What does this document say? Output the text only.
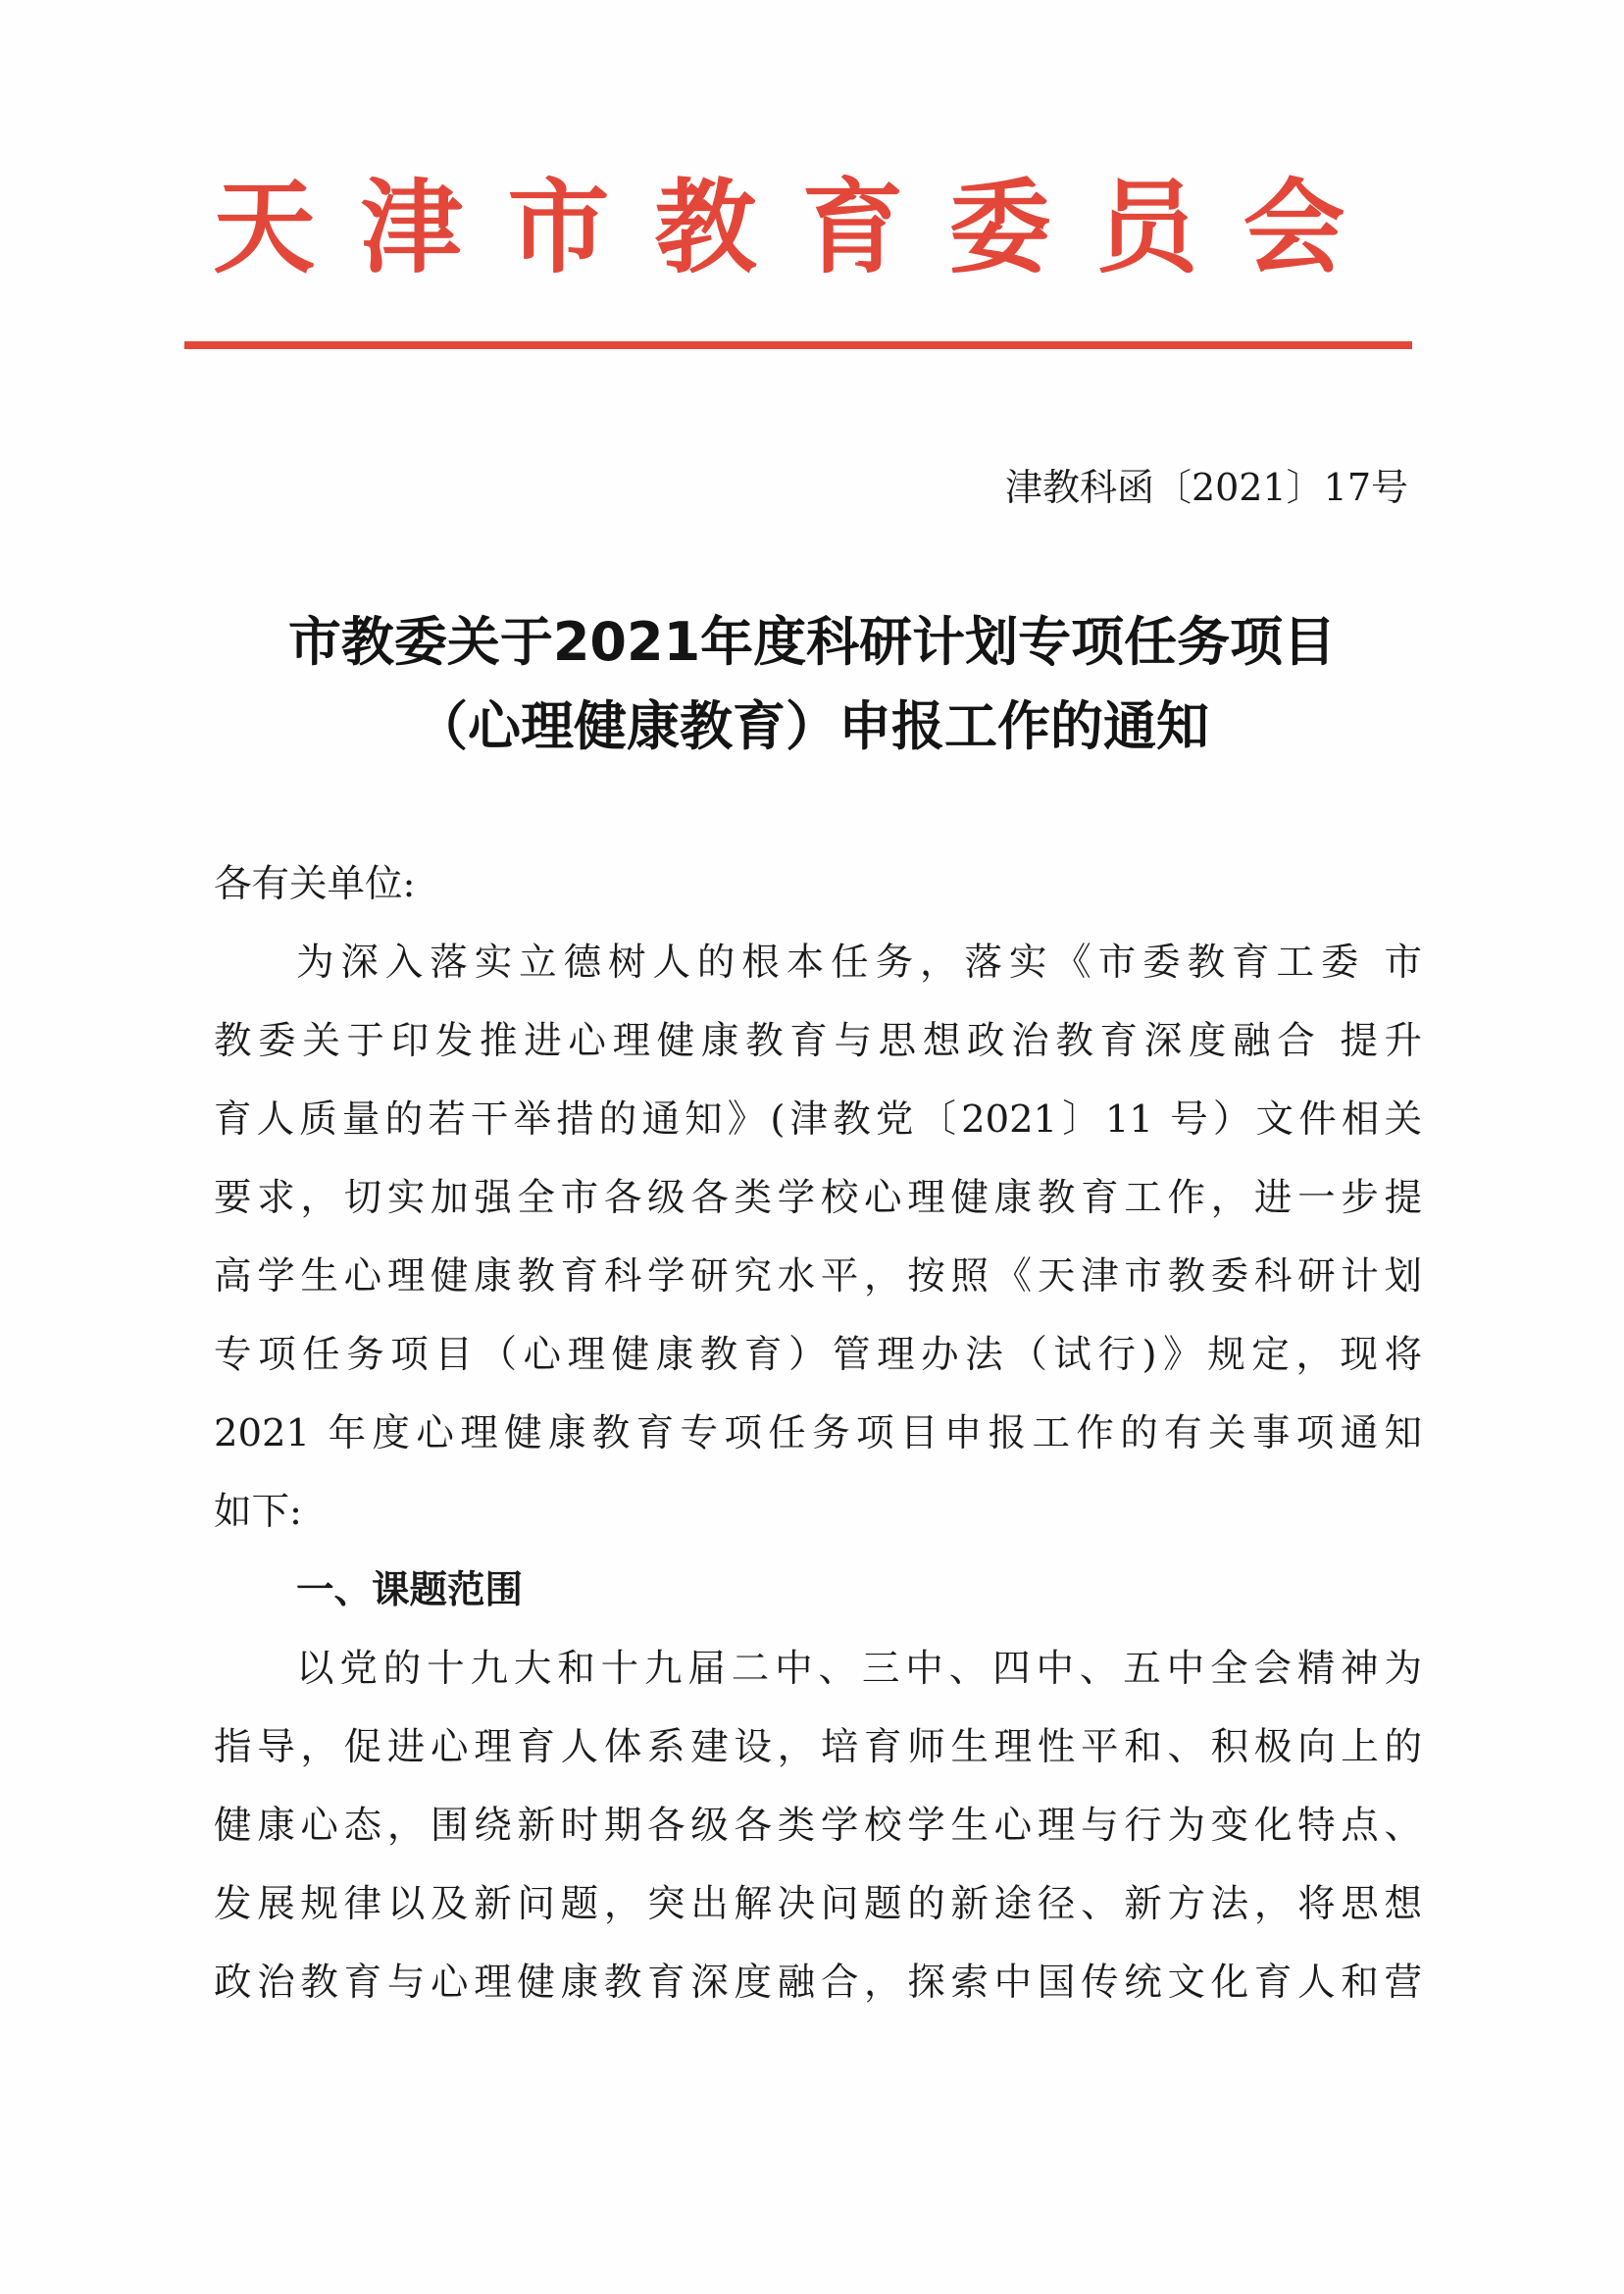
天津市教育委员会
津教科函〔2021〕17号
市教委关于2021年度科研计划专项任务项目
（心理健康教育）申报工作的通知
各有关单位:
为深入落实立德树人的根本任务，落实《市委教育工委 市
教委关于印发推进心理健康教育与思想政治教育深度融合 提升
育人质量的若干举措的通知》(津教党〔2021〕11 号）文件相关
要求，切实加强全市各级各类学校心理健康教育工作，进一步提
高学生心理健康教育科学研究水平，按照《天津市教委科研计划
专项任务项目（心理健康教育）管理办法（试行)》规定，现将
2021 年度心理健康教育专项任务项目申报工作的有关事项通知
如下:
一、课题范围
以党的十九大和十九届二中、三中、四中、五中全会精神为
指导，促进心理育人体系建设，培育师生理性平和、积极向上的
健康心态，围绕新时期各级各类学校学生心理与行为变化特点、
发展规律以及新问题，突出解决问题的新途径、新方法，将思想
政治教育与心理健康教育深度融合，探索中国传统文化育人和营
